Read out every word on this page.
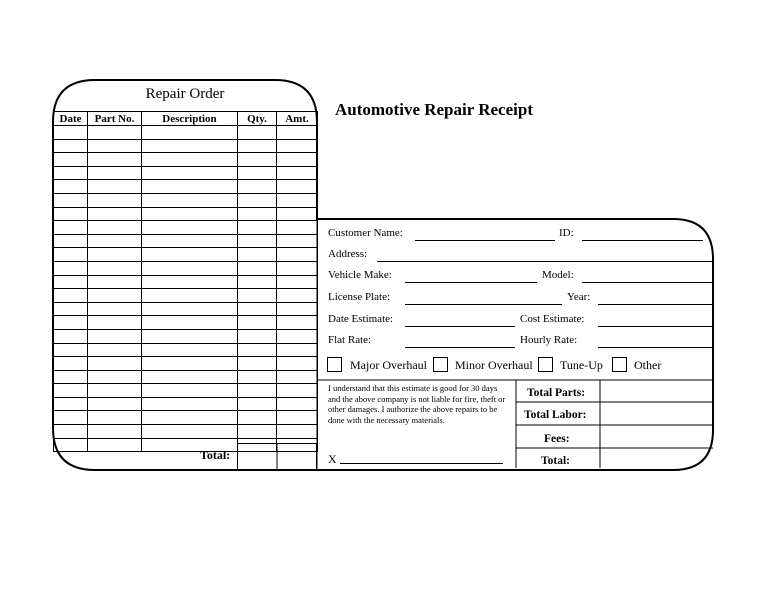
Repair Order
Date	Part No.	Description	Qty.	Amt.

Total:
Automotive Repair Receipt
Customer Name:	ID:
Address:
Vehicle Make:	Model:
License Plate:	Year:
Date Estimate:	Cost Estimate:
Flat Rate:	Hourly Rate:
Major Overhaul Minor Overhaul Tune-Up	Other
I understand that this estimate is good for 30 days and the above company is not liable for fire, theft or other damages. I authorize the above repairs to be done with the necessary materials.
X
Total Parts:
Total Labor:
Fees:
Total:
